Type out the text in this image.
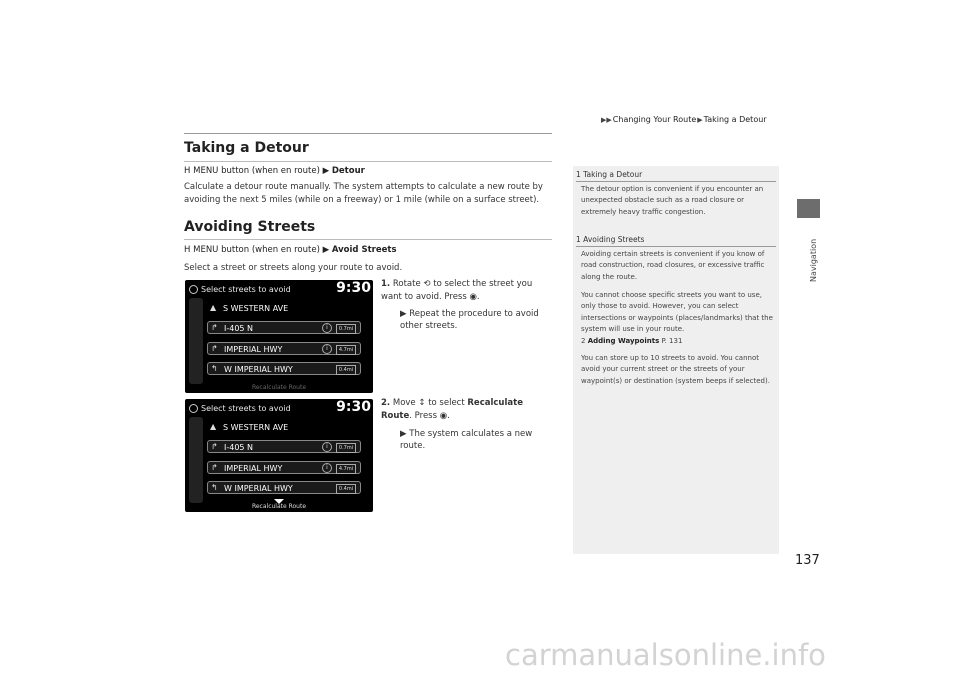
▶▶Changing Your Route▶Taking a Detour
Navigation
Taking a Detour
H MENU button (when en route) ▶ Detour
Calculate a detour route manually. The system attempts to calculate a new route by avoiding the next 5 miles (while on a freeway) or 1 mile (while on a surface street).
Avoiding Streets
H MENU button (when en route) ▶ Avoid Streets
Select a street or streets along your route to avoid.
Select streets to avoid	9:30
▲ S WESTERN AVE
↱ I-405 N	i	0.7mi
↱ IMPERIAL HWY	i	4.7mi
↰ W IMPERIAL HWY	0.4mi
Recalculate Route
1. Rotate ⟲ to select the street you want to avoid. Press ◉.
▶ Repeat the procedure to avoid other streets.
Select streets to avoid	9:30
▲ S WESTERN AVE
↱ I-405 N	i	0.7mi
↱ IMPERIAL HWY	i	4.7mi
↰ W IMPERIAL HWY	0.4mi
Recalculate Route
2. Move ↕ to select Recalculate Route. Press ◉.
▶ The system calculates a new route.
1 Taking a Detour
The detour option is convenient if you encounter an unexpected obstacle such as a road closure or extremely heavy traffic congestion.
1 Avoiding Streets
Avoiding certain streets is convenient if you know of road construction, road closures, or excessive traffic along the route.
You cannot choose specific streets you want to use, only those to avoid. However, you can select intersections or waypoints (places/landmarks) that the system will use in your route.
2 Adding Waypoints P. 131
You can store up to 10 streets to avoid. You cannot avoid your current street or the streets of your waypoint(s) or destination (system beeps if selected).
137
carmanualsonline.info
